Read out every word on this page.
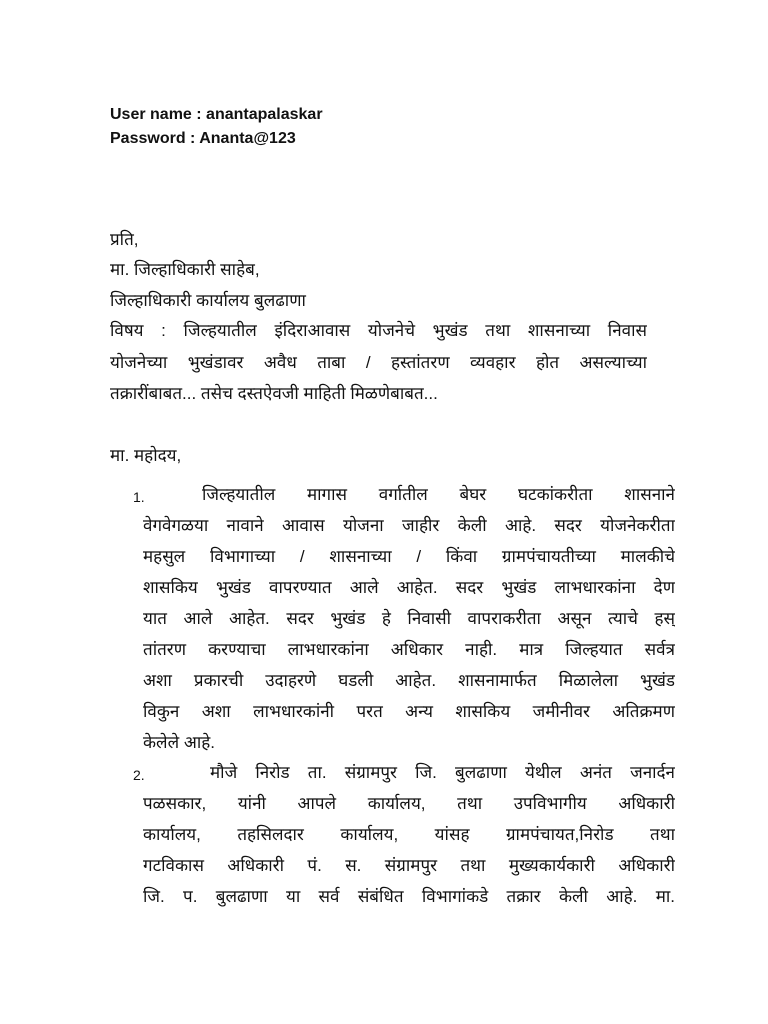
User name : anantapalaskar
Password : Ananta@123
प्रति,
मा. जिल्हाधिकारी साहेब,
जिल्हाधिकारी कार्यालय बुलढाणा
विषय : जिल्हयातील इंदिराआवास योजनेचे भुखंड तथा शासनाच्या निवास
योजनेच्या भुखंडावर अवैध ताबा / हस्तांतरण व्यवहार होत असल्याच्या
तक्रारींबाबत... तसेच दस्तऐवजी माहिती मिळणेबाबत...
मा. महोदय,
1.	जिल्हयातील मागास वर्गातील बेघर घटकांकरीता शासनाने
वेगवेगळया नावाने आवास योजना जाहीर केली आहे. सदर योजनेकरीता
महसुल विभागाच्या / शासनाच्या / किंवा ग्रामपंचायतीच्या मालकीचे
शासकिय भुखंड वापरण्यात आले आहेत. सदर भुखंड लाभधारकांना देण
यात आले आहेत. सदर भुखंड हे निवासी वापराकरीता असून त्याचे हस्
तांतरण करण्याचा लाभधारकांना अधिकार नाही. मात्र जिल्हयात सर्वत्र
अशा प्रकारची उदाहरणे घडली आहेत. शासनामार्फत मिळालेला भुखंड
विकुन अशा लाभधारकांनी परत अन्य शासकिय जमीनीवर अतिक्रमण
केलेले आहे.
2.	मौजे निरोड ता. संग्रामपुर जि. बुलढाणा येथील अनंत जनार्दन
पळसकार, यांनी आपले कार्यालय, तथा उपविभागीय अधिकारी
कार्यालय, तहसिलदार कार्यालय, यांसह ग्रामपंचायत,निरोड तथा
गटविकास अधिकारी पं. स. संग्रामपुर तथा मुख्यकार्यकारी अधिकारी
जि. प. बुलढाणा या सर्व संबंधित विभागांकडे तक्रार केली आहे. मा.
